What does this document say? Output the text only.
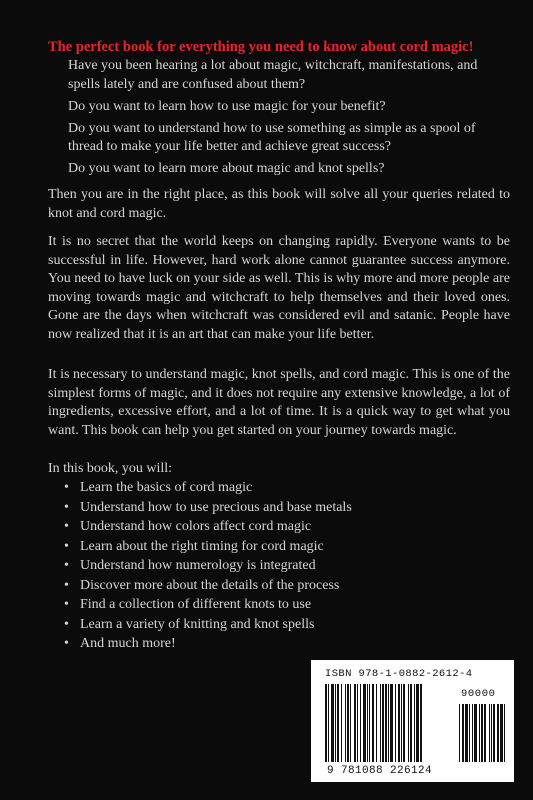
The perfect book for everything you need to know about cord magic!

Have you been hearing a lot about magic, witchcraft, manifestations, and spells lately and are confused about them?

Do you want to learn how to use magic for your benefit?

Do you want to understand how to use something as simple as a spool of thread to make your life better and achieve great success?

Do you want to learn more about magic and knot spells?

Then you are in the right place, as this book will solve all your queries related to knot and cord magic.

It is no secret that the world keeps on changing rapidly. Everyone wants to be successful in life. However, hard work alone cannot guarantee success anymore. You need to have luck on your side as well. This is why more and more people are moving towards magic and witchcraft to help themselves and their loved ones. Gone are the days when witchcraft was considered evil and satanic. People have now realized that it is an art that can make your life better.

It is necessary to understand magic, knot spells, and cord magic. This is one of the simplest forms of magic, and it does not require any extensive knowledge, a lot of ingredients, excessive effort, and a lot of time. It is a quick way to get what you want. This book can help you get started on your journey towards magic.

In this book, you will:
• Learn the basics of cord magic
• Understand how to use precious and base metals
• Understand how colors affect cord magic
• Learn about the right timing for cord magic
• Understand how numerology is integrated
• Discover more about the details of the process
• Find a collection of different knots to use
• Learn a variety of knitting and knot spells
• And much more!
ISBN 978-1-0882-2612-4
90000
9 781088 226124
